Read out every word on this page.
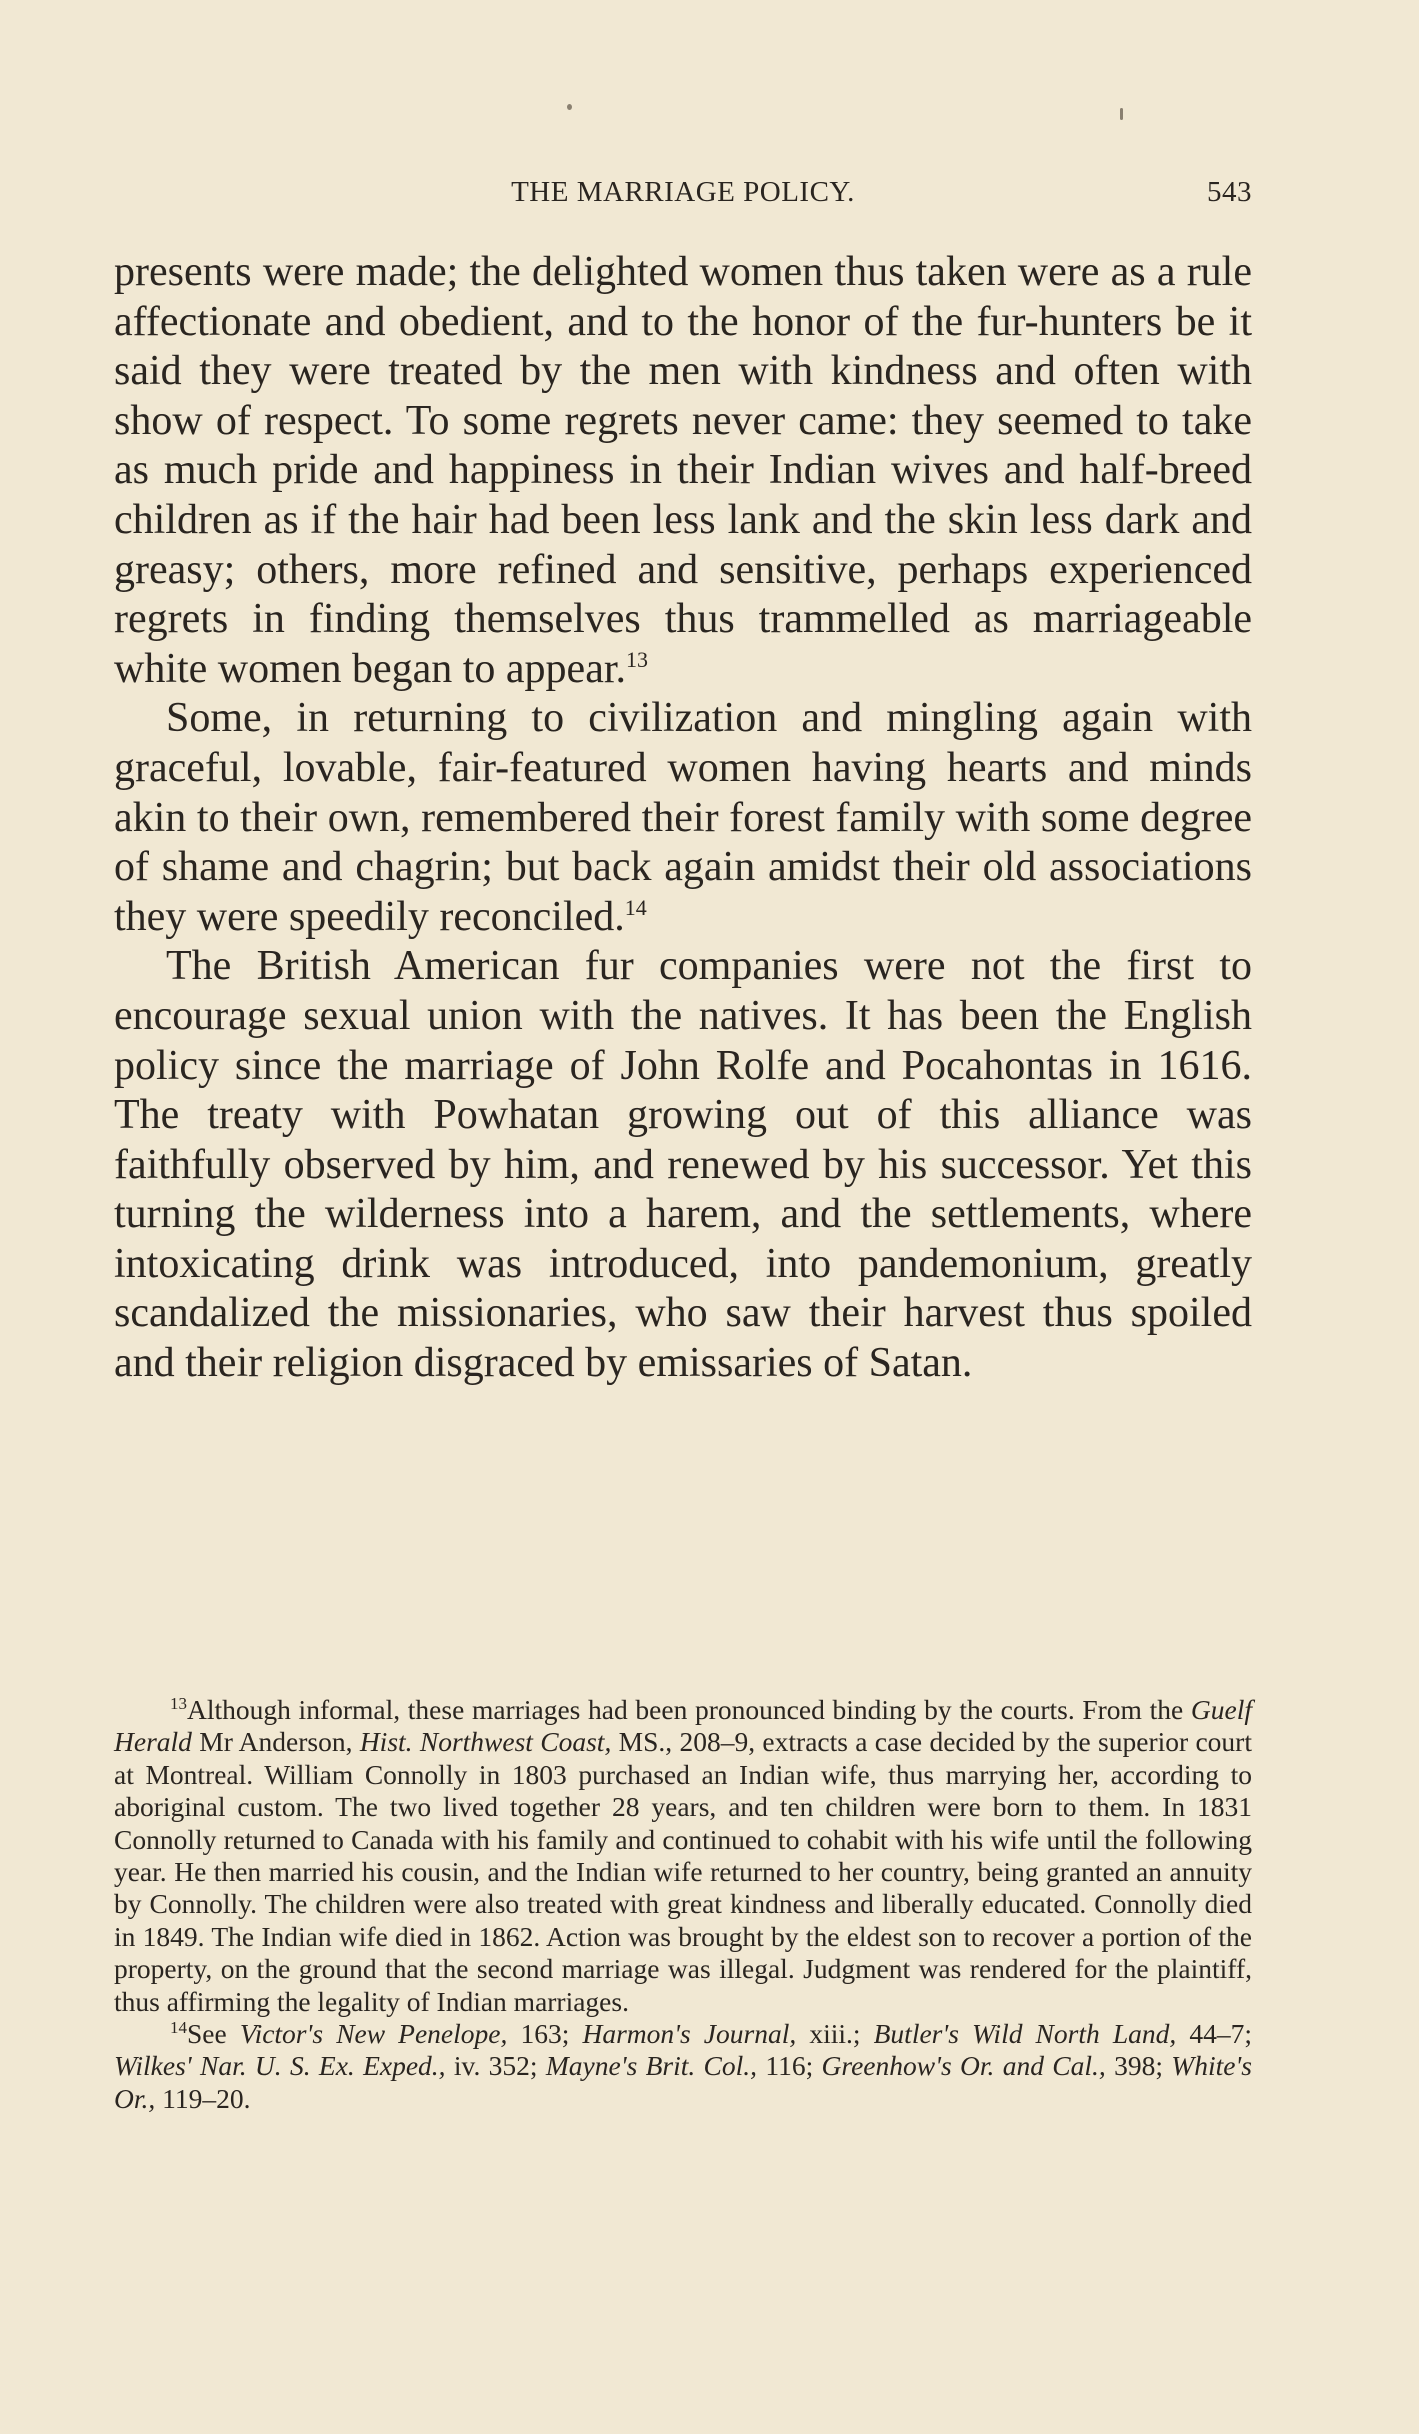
THE MARRIAGE POLICY.	543

presents were made; the delighted women thus taken were as a rule affectionate and obedient, and to the honor of the fur-hunters be it said they were treated by the men with kindness and often with show of respect. To some regrets never came: they seemed to take as much pride and happiness in their Indian wives and half-breed children as if the hair had been less lank and the skin less dark and greasy; others, more refined and sensitive, perhaps experienced regrets in finding themselves thus trammelled as marriageable white women began to appear.$^{13}$

Some, in returning to civilization and mingling again with graceful, lovable, fair-featured women having hearts and minds akin to their own, remembered their forest family with some degree of shame and chagrin; but back again amidst their old associations they were speedily reconciled.$^{14}$

The British American fur companies were not the first to encourage sexual union with the natives. It has been the English policy since the marriage of John Rolfe and Pocahontas in 1616. The treaty with Powhatan growing out of this alliance was faithfully observed by him, and renewed by his successor. Yet this turning the wilderness into a harem, and the settlements, where intoxicating drink was introduced, into pandemonium, greatly scandalized the missionaries, who saw their harvest thus spoiled and their religion disgraced by emissaries of Satan.

$^{13}$Although informal, these marriages had been pronounced binding by the courts. From the Guelf Herald Mr Anderson, Hist. Northwest Coast, MS., 208–9, extracts a case decided by the superior court at Montreal. William Connolly in 1803 purchased an Indian wife, thus marrying her, according to aboriginal custom. The two lived together 28 years, and ten children were born to them. In 1831 Connolly returned to Canada with his family and continued to cohabit with his wife until the following year. He then married his cousin, and the Indian wife returned to her country, being granted an annuity by Connolly. The children were also treated with great kindness and liberally educated. Connolly died in 1849. The Indian wife died in 1862. Action was brought by the eldest son to recover a portion of the property, on the ground that the second marriage was illegal. Judgment was rendered for the plaintiff, thus affirming the legality of Indian marriages.

$^{14}$See Victor's New Penelope, 163; Harmon's Journal, xiii.; Butler's Wild North Land, 44–7; Wilkes' Nar. U. S. Ex. Exped., iv. 352; Mayne's Brit. Col., 116; Greenhow's Or. and Cal., 398; White's Or., 119–20.
